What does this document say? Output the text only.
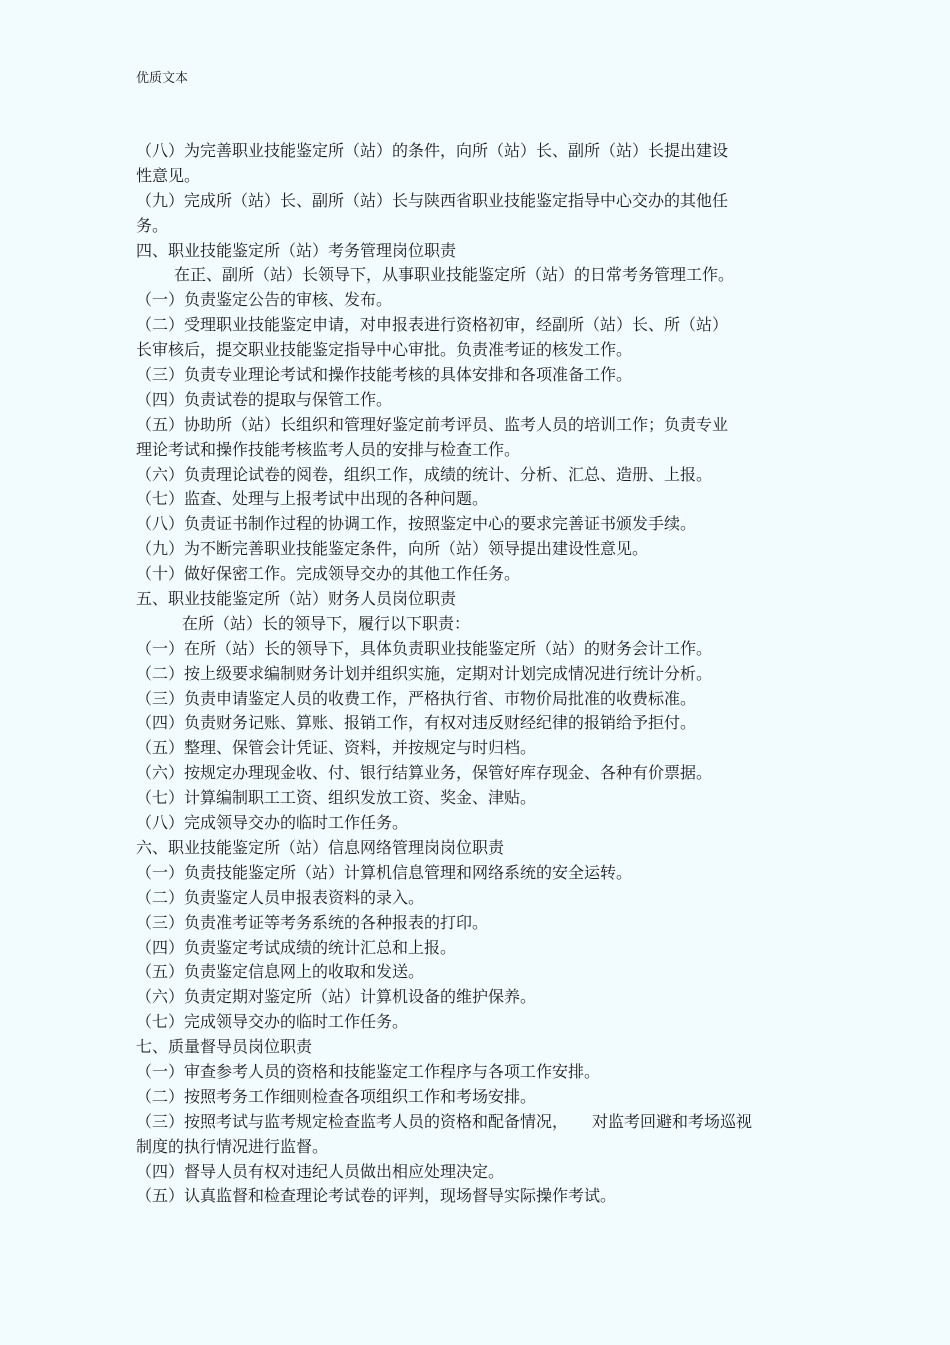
优质文本
（八）为完善职业技能鉴定所（站）的条件，向所（站）长、副所（站）长提出建设
性意见。
（九）完成所（站）长、副所（站）长与陕西省职业技能鉴定指导中心交办的其他任
务。
四、职业技能鉴定所（站）考务管理岗位职责
在正、副所（站）长领导下，从事职业技能鉴定所（站）的日常考务管理工作。
（一）负责鉴定公告的审核、发布。
（二）受理职业技能鉴定申请，对申报表进行资格初审，经副所（站）长、所（站）
长审核后，提交职业技能鉴定指导中心审批。负责准考证的核发工作。
（三）负责专业理论考试和操作技能考核的具体安排和各项准备工作。
（四）负责试卷的提取与保管工作。
（五）协助所（站）长组织和管理好鉴定前考评员、监考人员的培训工作；负责专业
理论考试和操作技能考核监考人员的安排与检查工作。
（六）负责理论试卷的阅卷，组织工作，成绩的统计、分析、汇总、造册、上报。
（七）监查、处理与上报考试中出现的各种问题。
（八）负责证书制作过程的协调工作，按照鉴定中心的要求完善证书颁发手续。
（九）为不断完善职业技能鉴定条件，向所（站）领导提出建设性意见。
（十）做好保密工作。完成领导交办的其他工作任务。
五、职业技能鉴定所（站）财务人员岗位职责
在所（站）长的领导下，履行以下职责：
（一）在所（站）长的领导下，具体负责职业技能鉴定所（站）的财务会计工作。
（二）按上级要求编制财务计划并组织实施，定期对计划完成情况进行统计分析。
（三）负责申请鉴定人员的收费工作，严格执行省、市物价局批准的收费标准。
（四）负责财务记账、算账、报销工作，有权对违反财经纪律的报销给予拒付。
（五）整理、保管会计凭证、资料，并按规定与时归档。
（六）按规定办理现金收、付、银行结算业务，保管好库存现金、各种有价票据。
（七）计算编制职工工资、组织发放工资、奖金、津贴。
（八）完成领导交办的临时工作任务。
六、职业技能鉴定所（站）信息网络管理岗岗位职责
（一）负责技能鉴定所（站）计算机信息管理和网络系统的安全运转。
（二）负责鉴定人员申报表资料的录入。
（三）负责准考证等考务系统的各种报表的打印。
（四）负责鉴定考试成绩的统计汇总和上报。
（五）负责鉴定信息网上的收取和发送。
（六）负责定期对鉴定所（站）计算机设备的维护保养。
（七）完成领导交办的临时工作任务。
七、质量督导员岗位职责
（一）审查参考人员的资格和技能鉴定工作程序与各项工作安排。
（二）按照考务工作细则检查各项组织工作和考场安排。
（三）按照考试与监考规定检查监考人员的资格和配备情况，　　对监考回避和考场巡视
制度的执行情况进行监督。
（四）督导人员有权对违纪人员做出相应处理决定。
（五）认真监督和检查理论考试卷的评判，现场督导实际操作考试。
